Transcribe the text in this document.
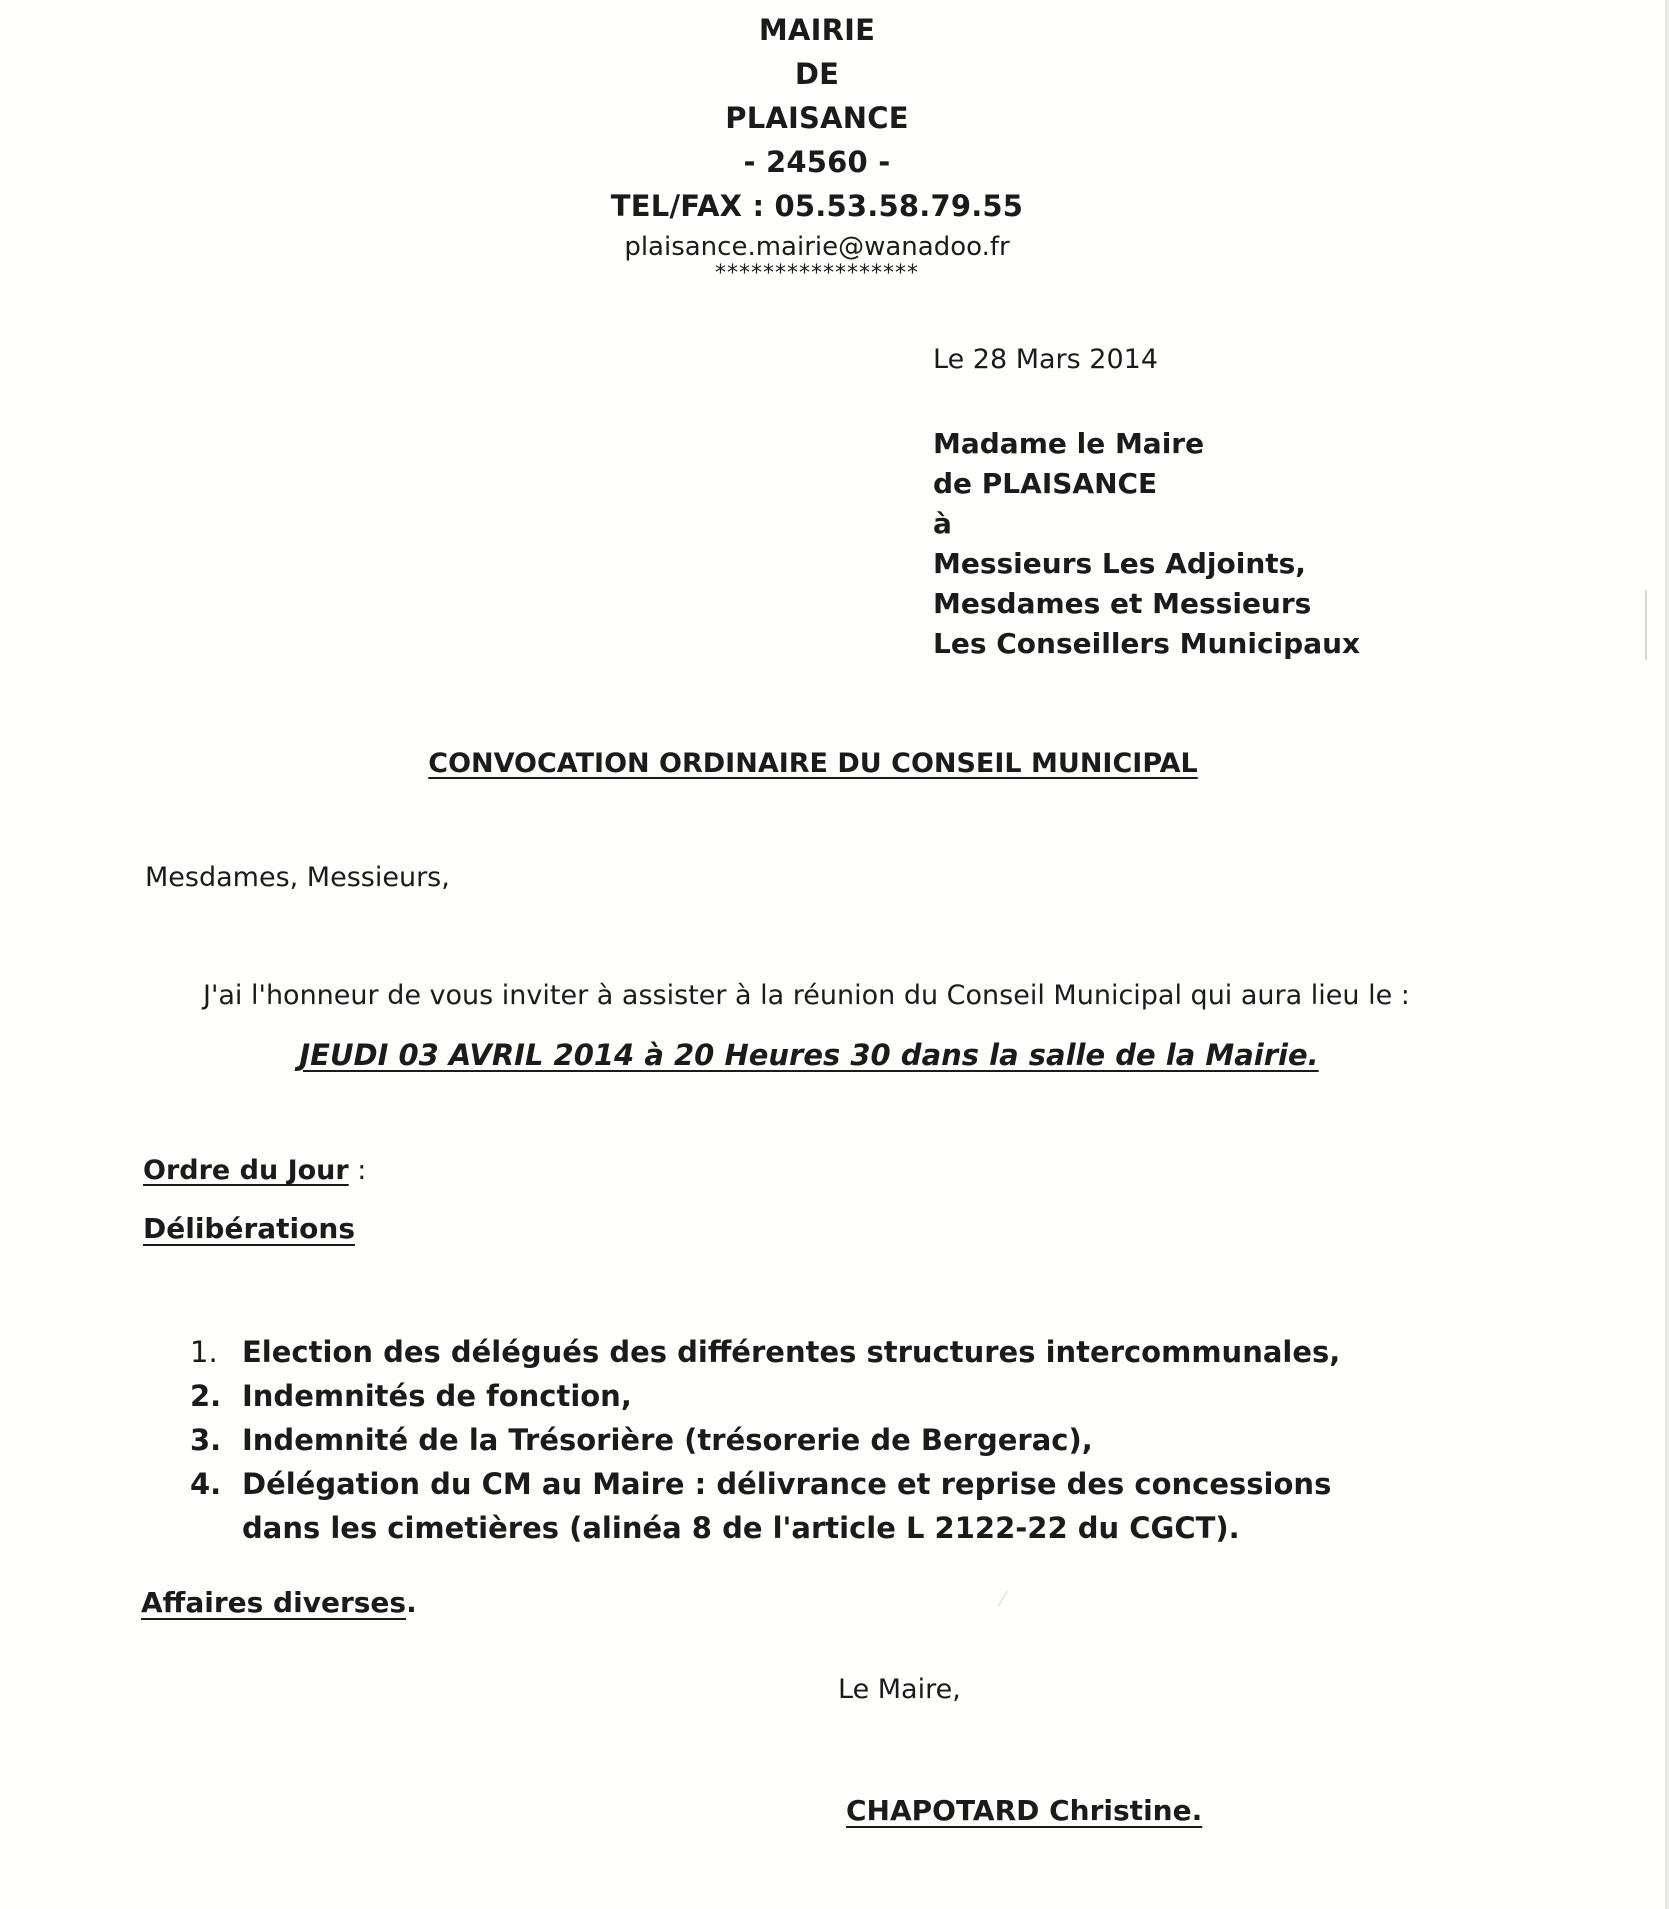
MAIRIE
DE
PLAISANCE
- 24560 -
TEL/FAX : 05.53.58.79.55
plaisance.mairie@wanadoo.fr
*****************
Le 28 Mars 2014
Madame le Maire
de PLAISANCE
à
Messieurs Les Adjoints,
Mesdames et Messieurs
Les Conseillers Municipaux
CONVOCATION ORDINAIRE DU CONSEIL MUNICIPAL
Mesdames, Messieurs,
J'ai l'honneur de vous inviter à assister à la réunion du Conseil Municipal qui aura lieu le :
JEUDI 03 AVRIL 2014 à 20 Heures 30 dans la salle de la Mairie.
Ordre du Jour :
Délibérations
1. Election des délégués des différentes structures intercommunales,
2. Indemnités de fonction,
3. Indemnité de la Trésorière (trésorerie de Bergerac),
4. Délégation du CM au Maire : délivrance et reprise des concessions dans les cimetières (alinéa 8 de l'article L 2122-22 du CGCT).
Affaires diverses.
Le Maire,
CHAPOTARD Christine.
